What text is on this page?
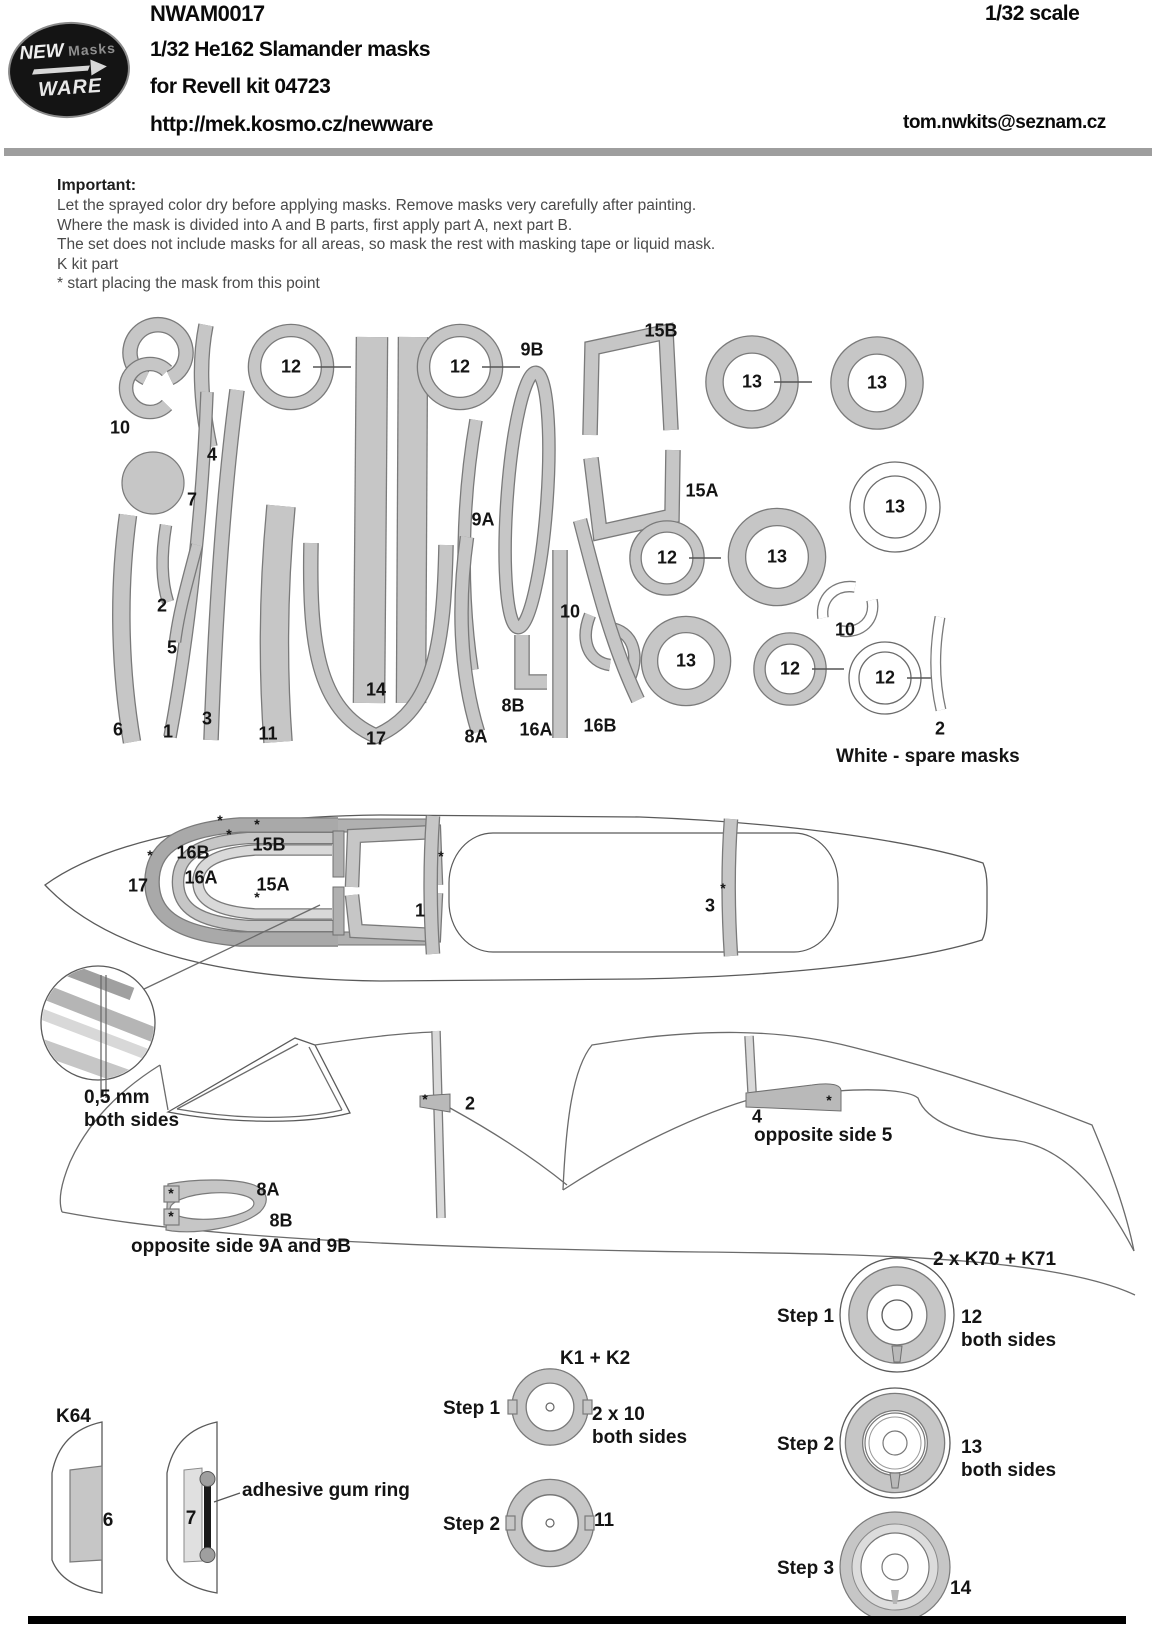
NEW Masks
WARE
NWAM0017
1/32 He162 Slamander masks
for Revell kit 04723
http://mek.kosmo.cz/newware
1/32 scale
tom.nwkits@seznam.cz
Important:
Let the sprayed color dry before applying masks. Remove masks very carefully after painting.
Where the mask is divided into A and B parts, first apply part A, next part B.
The set does not include masks for all areas, so mask the rest with masking tape or liquid mask.
K kit part
* start placing the mask from this point
10
4
7
2
5
6 1
3
11
12	12
14
17
9B
9A
8B
8A 16A 16B
15B
15A
13	13
13
12	13
10
10
13	12	12
2
White - spare masks
16B
16A
15B
15A
17
1	3
0,5 mm
both sides
2
4
opposite side 5
8A
8B
opposite side 9A and 9B
*
*
*
*
*
*
*
*	*
*
*
2 x K70 + K71
Step 1	12
both sides
Step 2	13
both sides
Step 3
14
K1 + K2
Step 1	2 x 10
both sides
Step 2	11
K64
6	7
adhesive gum ring
